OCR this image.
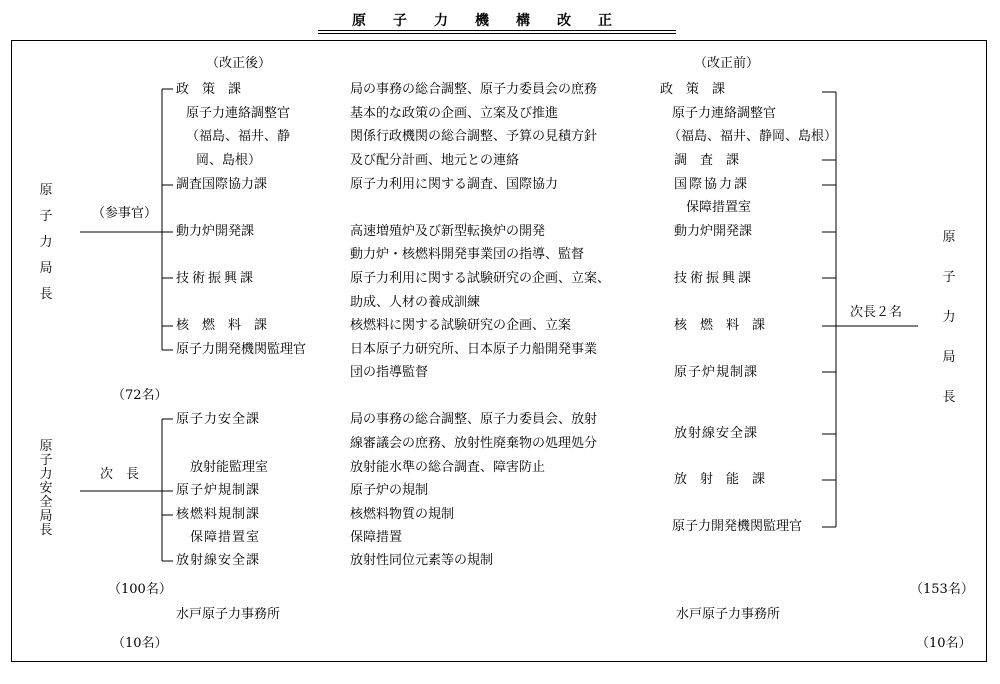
原子力機構改正
（改正後）
原子力局長
（参事官）
（72名）
原子力安全局長
次　長
（100名）
水戸原子力事務所
（10名）
政　策　課
原子力連絡調整官
（福島、福井、静
岡、島根）
調査国際協力課
動力炉開発課
技術振興課
核　燃　料　課
原子力開発機関監理官
原子力安全課
放射能監理室
原子炉規制課
核燃料規制課
保障措置室
放射線安全課
局の事務の総合調整、原子力委員会の庶務
基本的な政策の企画、立案及び推進
関係行政機関の総合調整、予算の見積方針
及び配分計画、地元との連絡
原子力利用に関する調査、国際協力
高速増殖炉及び新型転換炉の開発
動力炉・核燃料開発事業団の指導、監督
原子力利用に関する試験研究の企画、立案、
助成、人材の養成訓練
核燃料に関する試験研究の企画、立案
日本原子力研究所、日本原子力船開発事業
団の指導監督
局の事務の総合調整、原子力委員会、放射
線審議会の庶務、放射性廃棄物の処理処分
放射能水準の総合調査、障害防止
原子炉の規制
核燃料物質の規制
保障措置
放射性同位元素等の規制
（改正前）
政　策　課
原子力連絡調整官
（福島、福井、静岡、島根）
調　査　課
国際協力課
保障措置室
動力炉開発課
技術振興課
核　燃　料　課
原子炉規制課
放射線安全課
放　射　能　課
原子力開発機関監理官
次長２名
原子力局長
（153名）
水戸原子力事務所
（10名）
